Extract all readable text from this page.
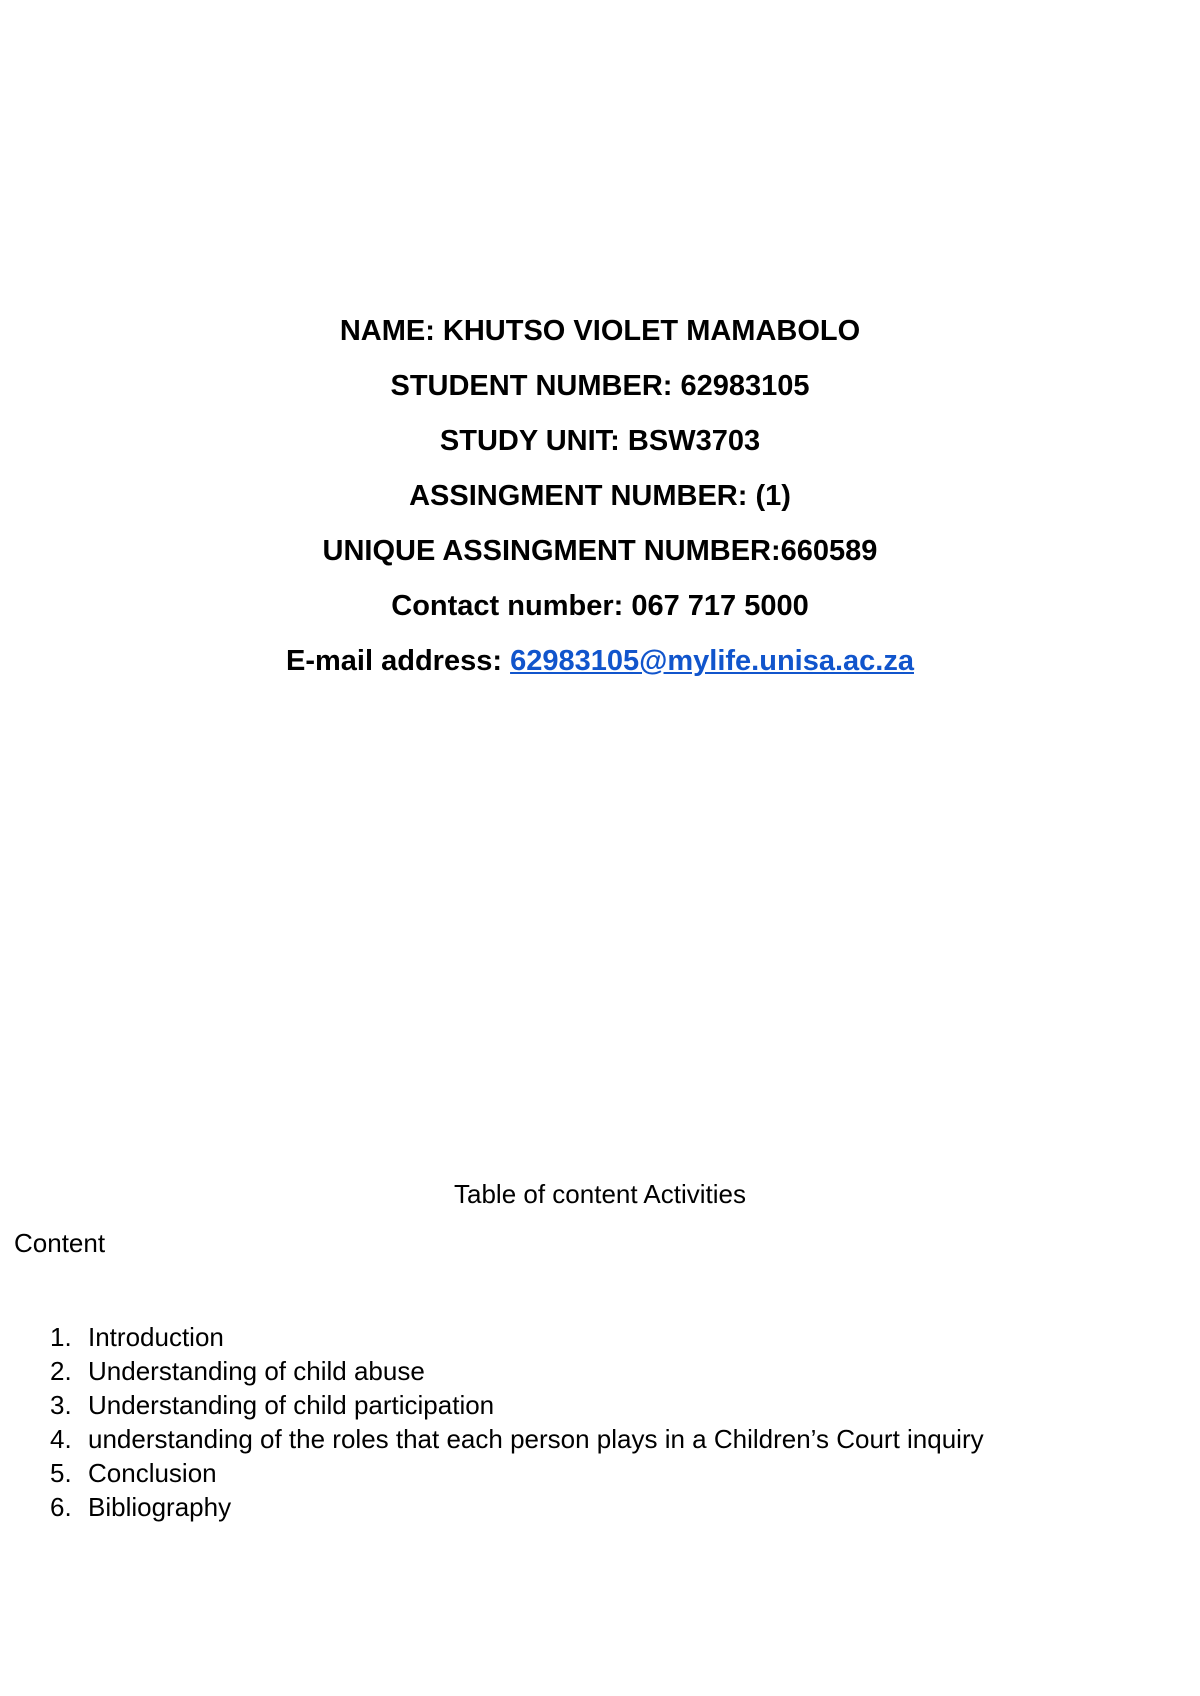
NAME: KHUTSO VIOLET MAMABOLO
STUDENT NUMBER: 62983105
STUDY UNIT: BSW3703
ASSINGMENT NUMBER: (1)
UNIQUE ASSINGMENT NUMBER:660589
Contact number: 067 717 5000
E-mail address: 62983105@mylife.unisa.ac.za
Table of content Activities
Content
1. Introduction
2. Understanding of child abuse
3. Understanding of child participation
4. understanding of the roles that each person plays in a Children’s Court inquiry
5. Conclusion
6. Bibliography
